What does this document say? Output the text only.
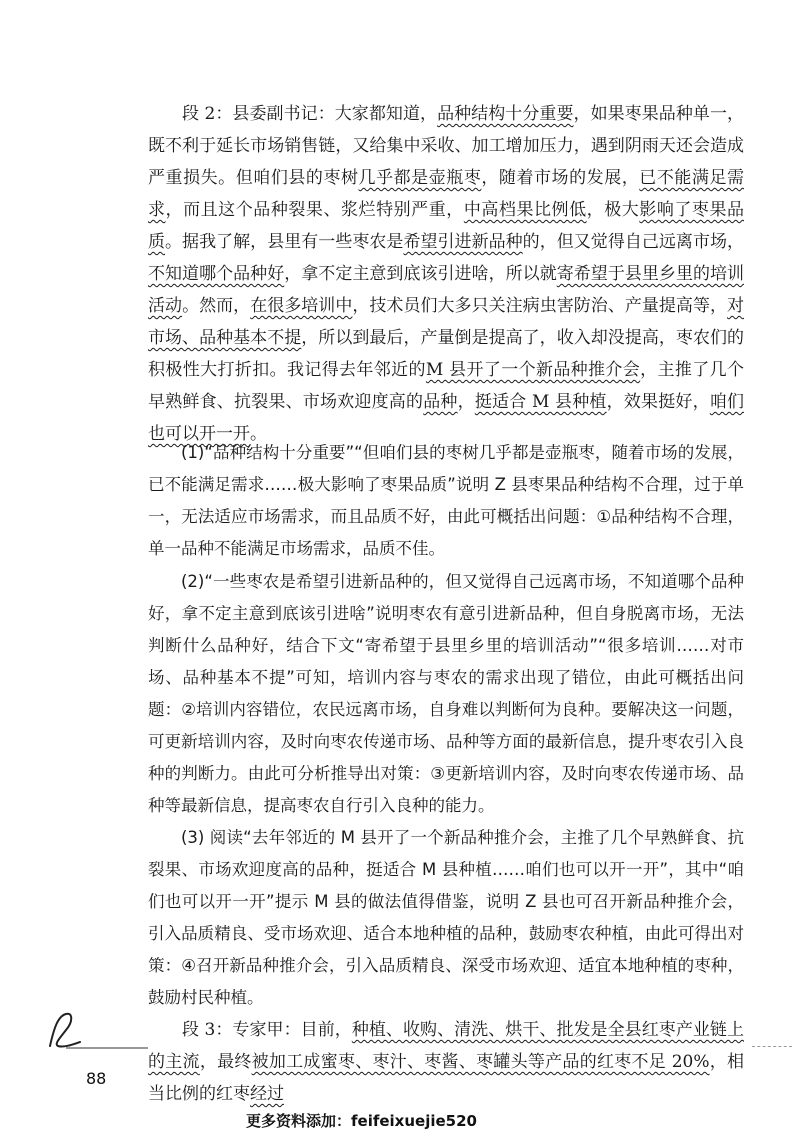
段 2：县委副书记：大家都知道，品种结构十分重要，如果枣果品种单一，既不利于延长市场销售链，又给集中采收、加工增加压力，遇到阴雨天还会造成严重损失。但咱们县的枣树几乎都是壶瓶枣，随着市场的发展，已不能满足需求，而且这个品种裂果、浆烂特别严重，中高档果比例低，极大影响了枣果品质。据我了解，县里有一些枣农是希望引进新品种的，但又觉得自己远离市场，不知道哪个品种好，拿不定主意到底该引进啥，所以就寄希望于县里乡里的培训活动。然而，在很多培训中，技术员们大多只关注病虫害防治、产量提高等，对市场、品种基本不提，所以到最后，产量倒是提高了，收入却没提高，枣农们的积极性大打折扣。我记得去年邻近的M 县开了一个新品种推介会，主推了几个早熟鲜食、抗裂果、市场欢迎度高的品种，挺适合 M 县种植，效果挺好，咱们也可以开一开。

(1)“品种结构十分重要”“但咱们县的枣树几乎都是壶瓶枣，随着市场的发展，已不能满足需求……极大影响了枣果品质”说明 Z 县枣果品种结构不合理，过于单一，无法适应市场需求，而且品质不好，由此可概括出问题：①品种结构不合理，单一品种不能满足市场需求，品质不佳。

(2)“一些枣农是希望引进新品种的，但又觉得自己远离市场，不知道哪个品种好，拿不定主意到底该引进啥”说明枣农有意引进新品种，但自身脱离市场，无法判断什么品种好，结合下文“寄希望于县里乡里的培训活动”“很多培训……对市场、品种基本不提”可知，培训内容与枣农的需求出现了错位，由此可概括出问题：②培训内容错位，农民远离市场，自身难以判断何为良种。要解决这一问题，可更新培训内容，及时向枣农传递市场、品种等方面的最新信息，提升枣农引入良种的判断力。由此可分析推导出对策：③更新培训内容，及时向枣农传递市场、品种等最新信息，提高枣农自行引入良种的能力。

(3) 阅读“去年邻近的 M 县开了一个新品种推介会，主推了几个早熟鲜食、抗裂果、市场欢迎度高的品种，挺适合 M 县种植……咱们也可以开一开”，其中“咱们也可以开一开”提示 M 县的做法值得借鉴，说明 Z 县也可召开新品种推介会，引入品质精良、受市场欢迎、适合本地种植的品种，鼓励枣农种植，由此可得出对策：④召开新品种推介会，引入品质精良、深受市场欢迎、适宜本地种植的枣种，鼓励村民种植。

段 3：专家甲：目前，种植、收购、清洗、烘干、批发是全县红枣产业链上的主流，最终被加工成蜜枣、枣汁、枣酱、枣罐头等产品的红枣不足 20%，相当比例的红枣经过

88
更多资料添加：feifeixuejie520
